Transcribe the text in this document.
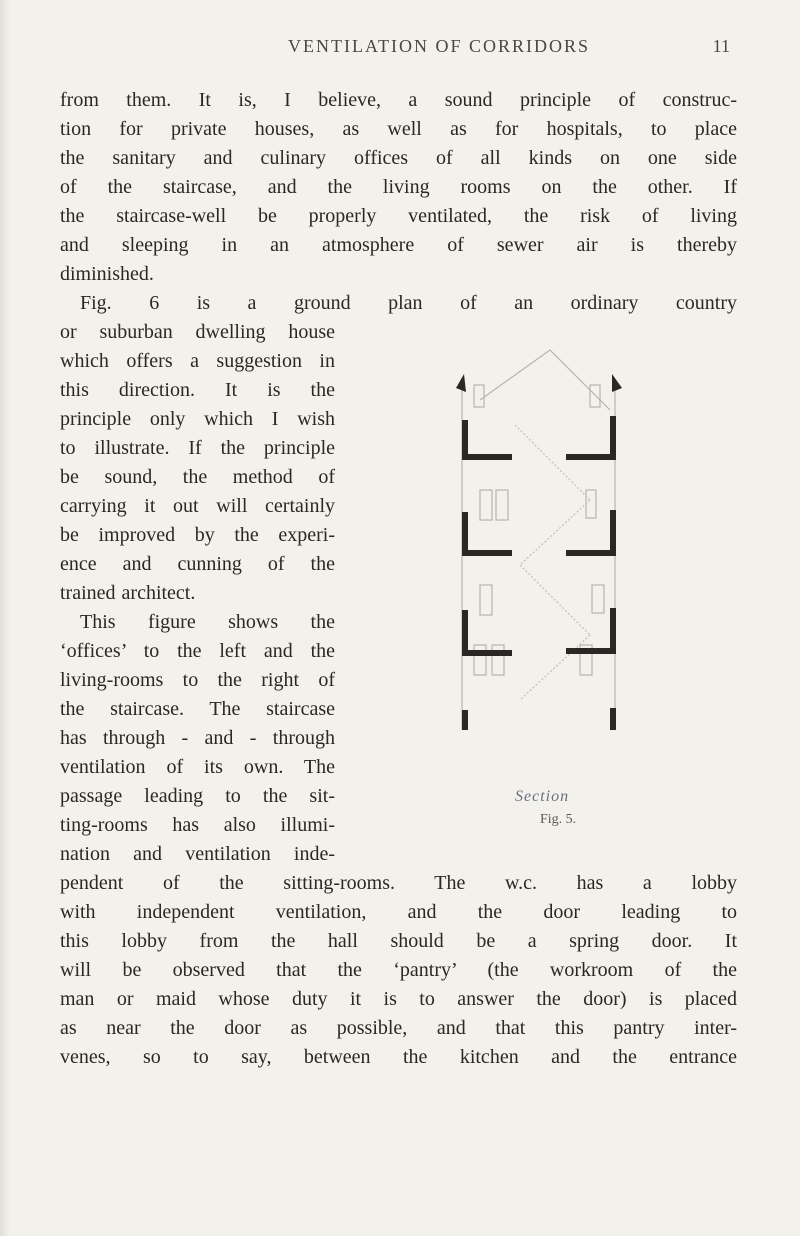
VENTILATION OF CORRIDORS	11
from them. It is, I believe, a sound principle of construc-
tion for private houses, as well as for hospitals, to place
the sanitary and culinary offices of all kinds on one side
of the staircase, and the living rooms on the other. If
the staircase-well be properly ventilated, the risk of living
and sleeping in an atmosphere of sewer air is thereby
diminished.
Fig. 6 is a ground plan of an ordinary country
or suburban dwelling house
which offers a suggestion in
this direction. It is the
principle only which I wish
to illustrate. If the principle
be sound, the method of
carrying it out will certainly
be improved by the experi-
ence and cunning of the
trained architect.
This figure shows the
‘offices’ to the left and the
living-rooms to the right of
the staircase. The staircase
has through - and - through
ventilation of its own. The
passage leading to the sit-
ting-rooms has also illumi-
nation and ventilation inde-
pendent of the sitting-rooms. The w.c. has a lobby
with independent ventilation, and the door leading to
this lobby from the hall should be a spring door. It
will be observed that the ‘pantry’ (the workroom of the
man or maid whose duty it is to answer the door) is placed
as near the door as possible, and that this pantry inter-
venes, so to say, between the kitchen and the entrance
Section
Fig. 5.
